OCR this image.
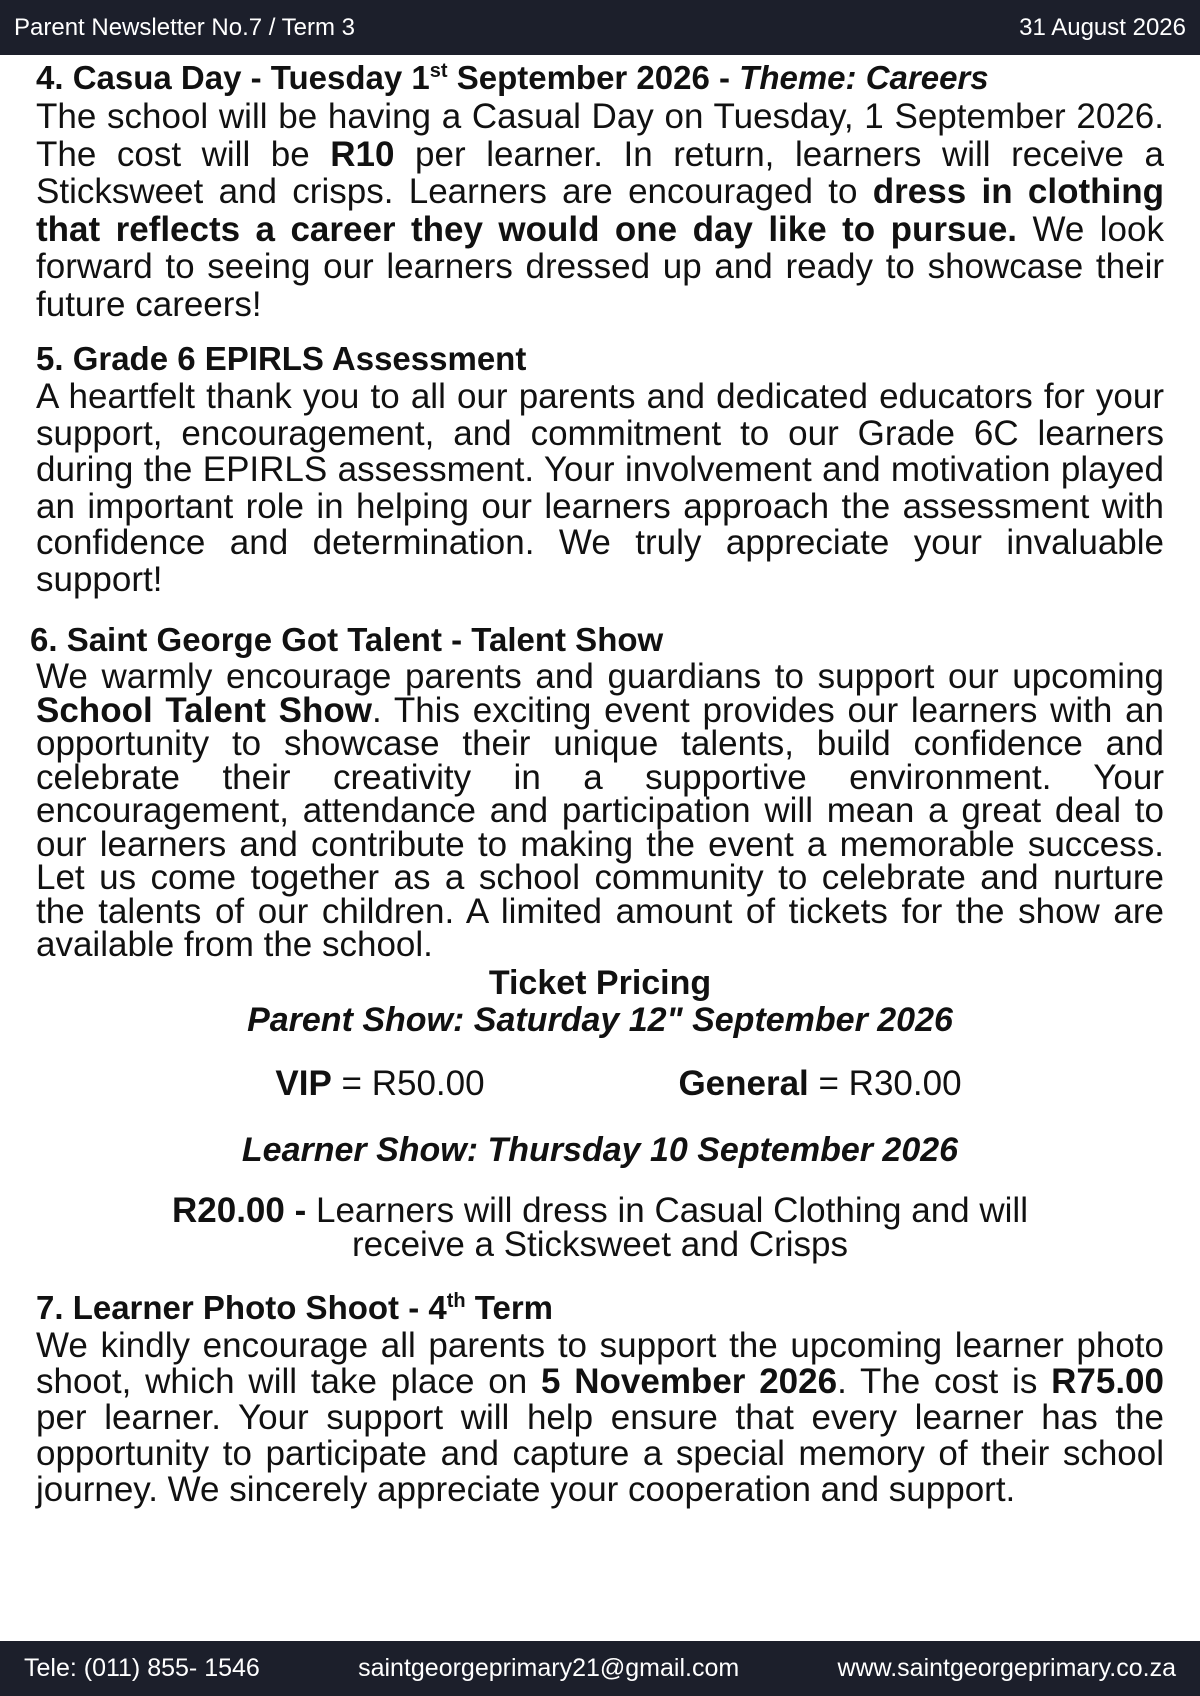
Parent Newsletter No.7 / Term 3	31 August 2026
4. Casua Day - Tuesday 1st September 2026 - Theme: Careers

The school will be having a Casual Day on Tuesday, 1 September 2026. The cost will be R10 per learner. In return, learners will receive a Sticksweet and crisps. Learners are encouraged to dress in clothing that reflects a career they would one day like to pursue. We look forward to seeing our learners dressed up and ready to showcase their future careers!

5. Grade 6 EPIRLS Assessment

A heartfelt thank you to all our parents and dedicated educators for your support, encouragement, and commitment to our Grade 6C learners during the EPIRLS assessment. Your involvement and motivation played an important role in helping our learners approach the assessment with confidence and determination. We truly appreciate your invaluable support!

6. Saint George Got Talent - Talent Show

We warmly encourage parents and guardians to support our upcoming School Talent Show. This exciting event provides our learners with an opportunity to showcase their unique talents, build confidence and celebrate their creativity in a supportive environment. Your encouragement, attendance and participation will mean a great deal to our learners and contribute to making the event a memorable success. Let us come together as a school community to celebrate and nurture the talents of our children. A limited amount of tickets for the show are available from the school.

Ticket Pricing
Parent Show: Saturday 12" September 2026
VIP = R50.00	General = R30.00
Learner Show: Thursday 10 September 2026
R20.00 - Learners will dress in Casual Clothing and will
receive a Sticksweet and Crisps
7. Learner Photo Shoot - 4th Term

We kindly encourage all parents to support the upcoming learner photo shoot, which will take place on 5 November 2026. The cost is R75.00 per learner. Your support will help ensure that every learner has the opportunity to participate and capture a special memory of their school journey. We sincerely appreciate your cooperation and support.

Tele: (011) 855- 1546	saintgeorgeprimary21@gmail.com	www.saintgeorgeprimary.co.za
